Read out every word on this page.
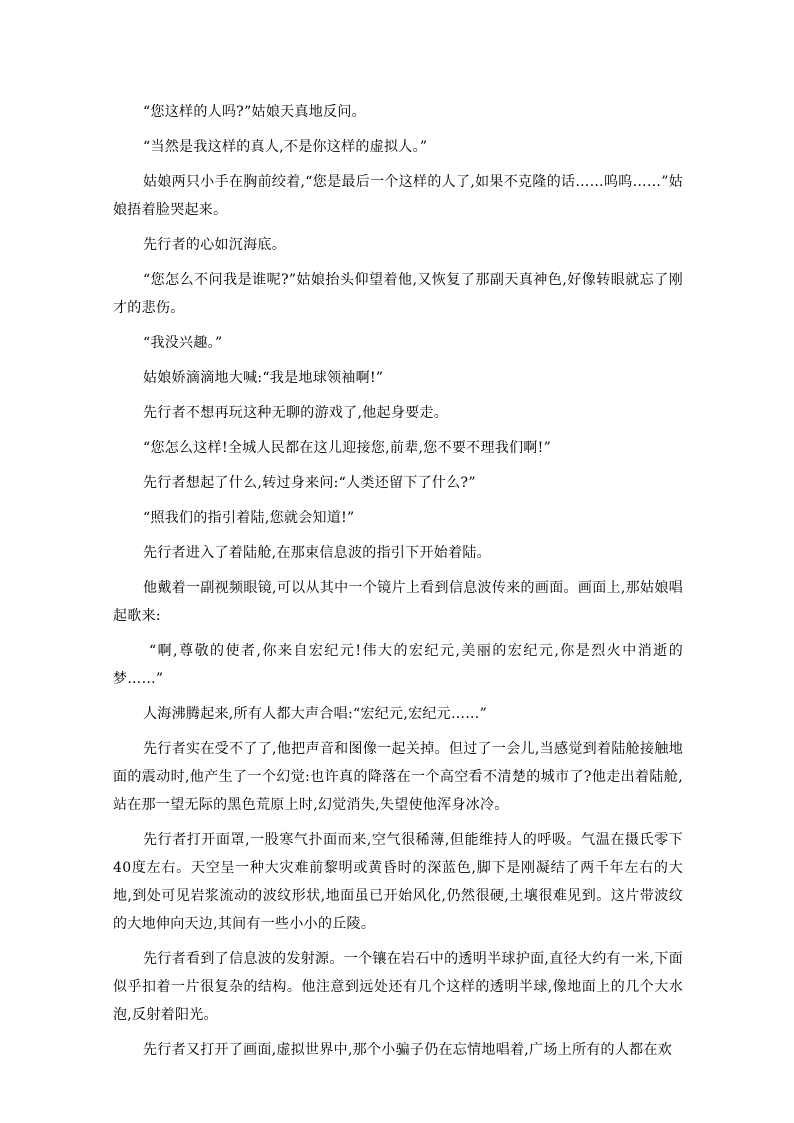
“您这样的人吗?”姑娘天真地反问。

“当然是我这样的真人,不是你这样的虚拟人。”

姑娘两只小手在胸前绞着,“您是最后一个这样的人了,如果不克隆的话……呜呜……”姑娘捂着脸哭起来。

先行者的心如沉海底。

“您怎么不问我是谁呢?”姑娘抬头仰望着他,又恢复了那副天真神色,好像转眼就忘了刚才的悲伤。

“我没兴趣。”

姑娘娇滴滴地大喊:“我是地球领袖啊!”

先行者不想再玩这种无聊的游戏了,他起身要走。

“您怎么这样!全城人民都在这儿迎接您,前辈,您不要不理我们啊!”

先行者想起了什么,转过身来问:“人类还留下了什么?”

“照我们的指引着陆,您就会知道!”

先行者进入了着陆舱,在那束信息波的指引下开始着陆。

他戴着一副视频眼镜,可以从其中一个镜片上看到信息波传来的画面。画面上,那姑娘唱起歌来:

“啊,尊敬的使者,你来自宏纪元!伟大的宏纪元,美丽的宏纪元,你是烈火中消逝的梦……”

人海沸腾起来,所有人都大声合唱:“宏纪元,宏纪元……”

先行者实在受不了了,他把声音和图像一起关掉。但过了一会儿,当感觉到着陆舱接触地面的震动时,他产生了一个幻觉:也许真的降落在一个高空看不清楚的城市了?他走出着陆舱,站在那一望无际的黑色荒原上时,幻觉消失,失望使他浑身冰冷。

先行者打开面罩,一股寒气扑面而来,空气很稀薄,但能维持人的呼吸。气温在摄氏零下40度左右。天空呈一种大灾难前黎明或黄昏时的深蓝色,脚下是刚凝结了两千年左右的大地,到处可见岩浆流动的波纹形状,地面虽已开始风化,仍然很硬,土壤很难见到。这片带波纹的大地伸向天边,其间有一些小小的丘陵。

先行者看到了信息波的发射源。一个镶在岩石中的透明半球护面,直径大约有一米,下面似乎扣着一片很复杂的结构。他注意到远处还有几个这样的透明半球,像地面上的几个大水泡,反射着阳光。

先行者又打开了画面,虚拟世界中,那个小骗子仍在忘情地唱着,广场上所有的人都在欢
